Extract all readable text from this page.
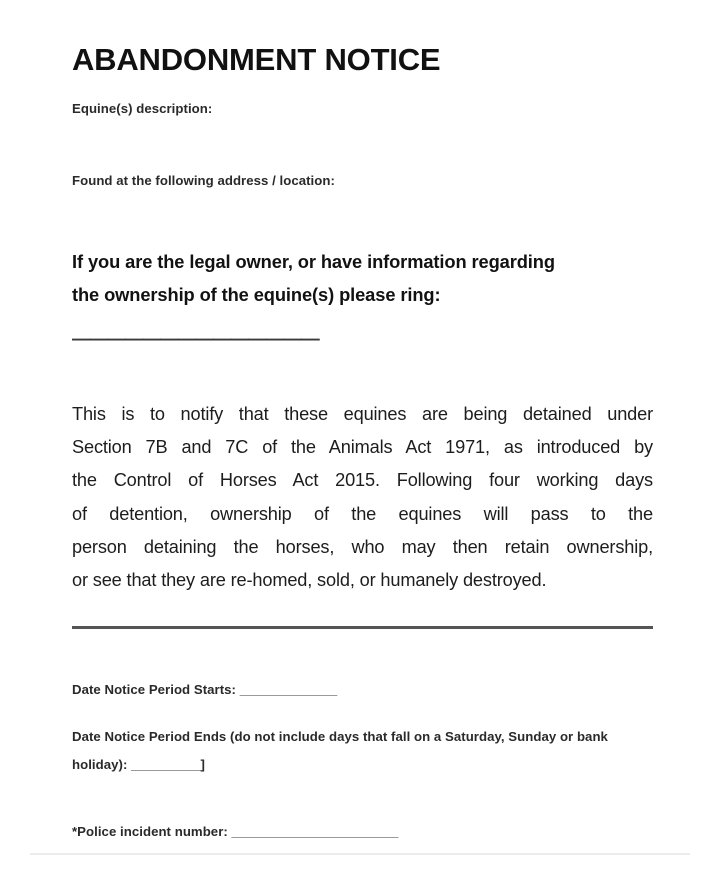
ABANDONMENT NOTICE
Equine(s) description:
Found at the following address / location:
If you are the legal owner, or have information regarding
the ownership of the equine(s) please ring:
——————————————
This is to notify that these equines are being detained under
Section 7B and 7C of the Animals Act 1971, as introduced by
the Control of Horses Act 2015. Following four working days
of detention, ownership of the equines will pass to the
person detaining the horses, who may then retain ownership,
or see that they are re-homed, sold, or humanely destroyed.
Date Notice Period Starts: ______________
Date Notice Period Ends (do not include days that fall on a Saturday, Sunday or bank holiday): __________]
*Police incident number: ________________________
